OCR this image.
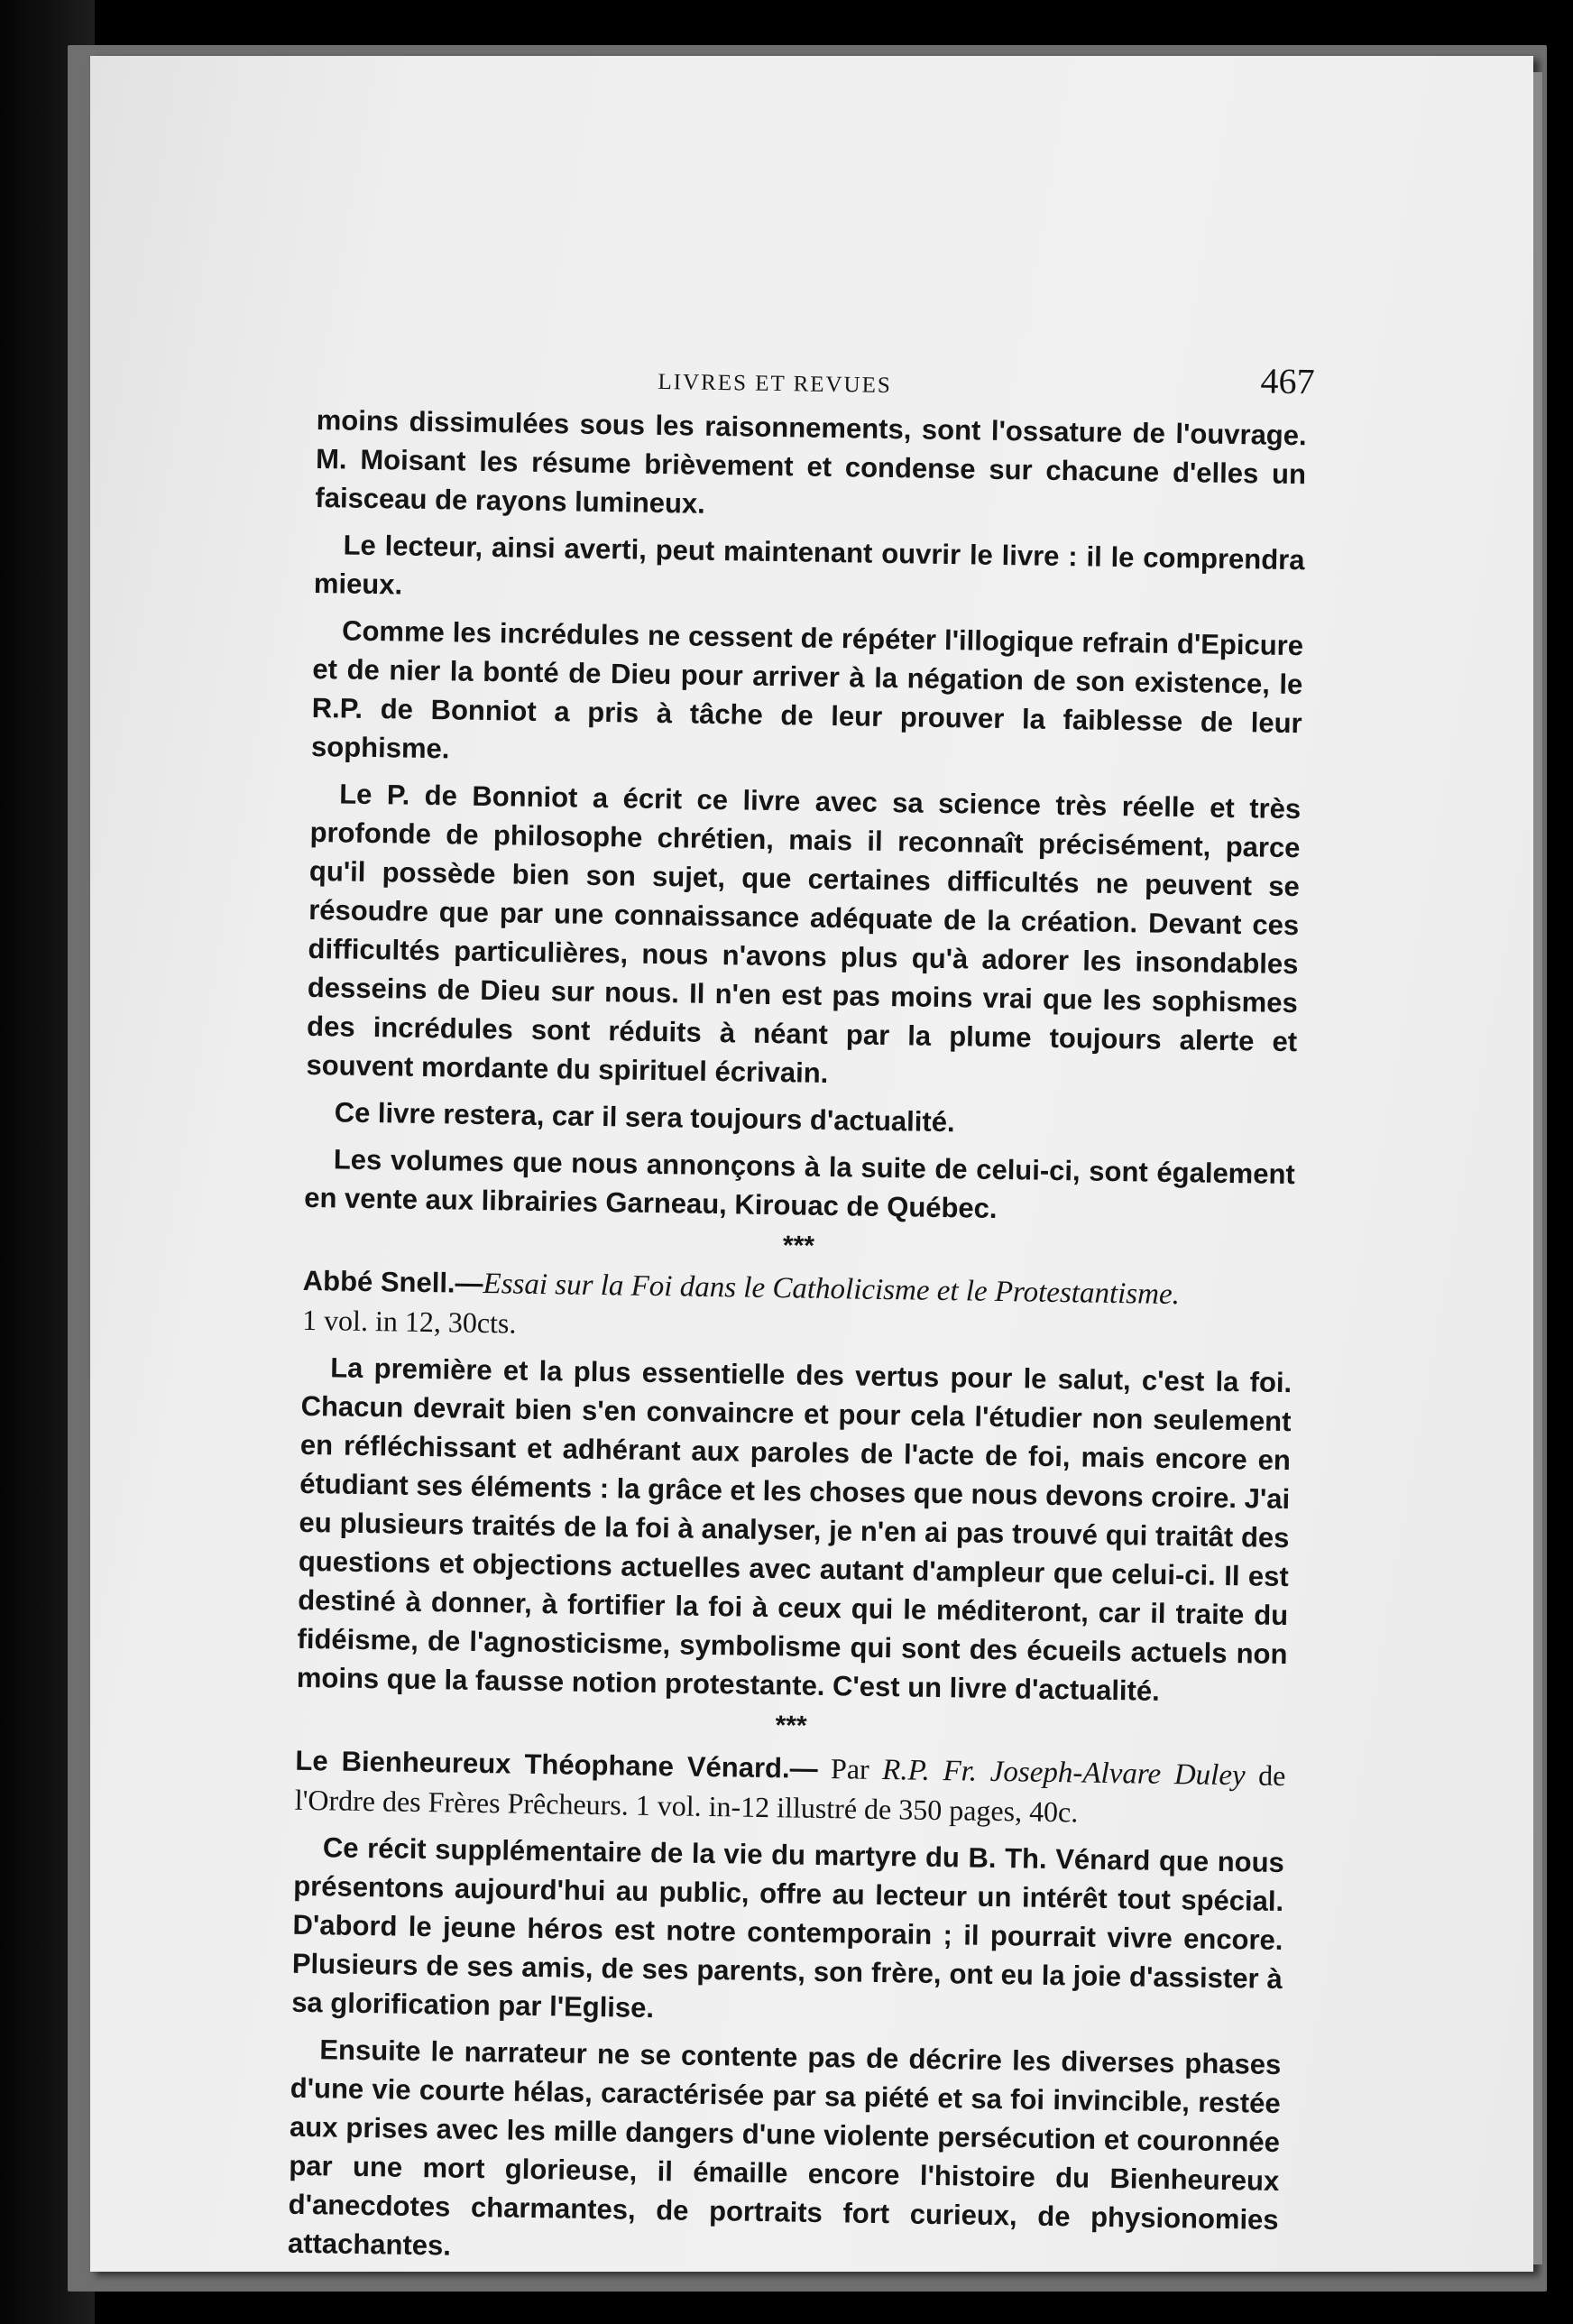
LIVRES ET REVUES	467

moins dissimulées sous les raisonnements, sont l'ossature de l'ouvrage. M. Moisant les résume brièvement et condense sur chacune d'elles un faisceau de rayons lumineux.

Le lecteur, ainsi averti, peut maintenant ouvrir le livre : il le comprendra mieux.

Comme les incrédules ne cessent de répéter l'illogique refrain d'Epicure et de nier la bonté de Dieu pour arriver à la négation de son existence, le R.P. de Bonniot a pris à tâche de leur prouver la faiblesse de leur sophisme.

Le P. de Bonniot a écrit ce livre avec sa science très réelle et très profonde de philosophe chrétien, mais il reconnaît précisément, parce qu'il possède bien son sujet, que certaines difficultés ne peuvent se résoudre que par une connaissance adéquate de la création. Devant ces difficultés particulières, nous n'avons plus qu'à adorer les insondables desseins de Dieu sur nous. Il n'en est pas moins vrai que les sophismes des incrédules sont réduits à néant par la plume toujours alerte et souvent mordante du spirituel écrivain.

Ce livre restera, car il sera toujours d'actualité.

Les volumes que nous annonçons à la suite de celui-ci, sont également en vente aux librairies Garneau, Kirouac de Québec.

***

Abbé Snell.—Essai sur la Foi dans le Catholicisme et le Protestantisme.
1 vol. in 12, 30cts.

La première et la plus essentielle des vertus pour le salut, c'est la foi. Chacun devrait bien s'en convaincre et pour cela l'étudier non seulement en réfléchissant et adhérant aux paroles de l'acte de foi, mais encore en étudiant ses éléments : la grâce et les choses que nous devons croire. J'ai eu plusieurs traités de la foi à analyser, je n'en ai pas trouvé qui traitât des questions et objections actuelles avec autant d'ampleur que celui-ci. Il est destiné à donner, à fortifier la foi à ceux qui le méditeront, car il traite du fidéisme, de l'agnosticisme, symbolisme qui sont des écueils actuels non moins que la fausse notion protestante. C'est un livre d'actualité.

***

Le Bienheureux Théophane Vénard.— Par R.P. Fr. Joseph-Alvare Duley de l'Ordre des Frères Prêcheurs. 1 vol. in-12 illustré de 350 pages, 40c.

Ce récit supplémentaire de la vie du martyre du B. Th. Vénard que nous présentons aujourd'hui au public, offre au lecteur un intérêt tout spécial. D'abord le jeune héros est notre contemporain ; il pourrait vivre encore. Plusieurs de ses amis, de ses parents, son frère, ont eu la joie d'assister à sa glorification par l'Eglise.

Ensuite le narrateur ne se contente pas de décrire les diverses phases d'une vie courte hélas, caractérisée par sa piété et sa foi invincible, restée aux prises avec les mille dangers d'une violente persécution et couronnée par une mort glorieuse, il émaille encore l'histoire du Bienheureux d'anecdotes charmantes, de portraits fort curieux, de physionomies attachantes.
